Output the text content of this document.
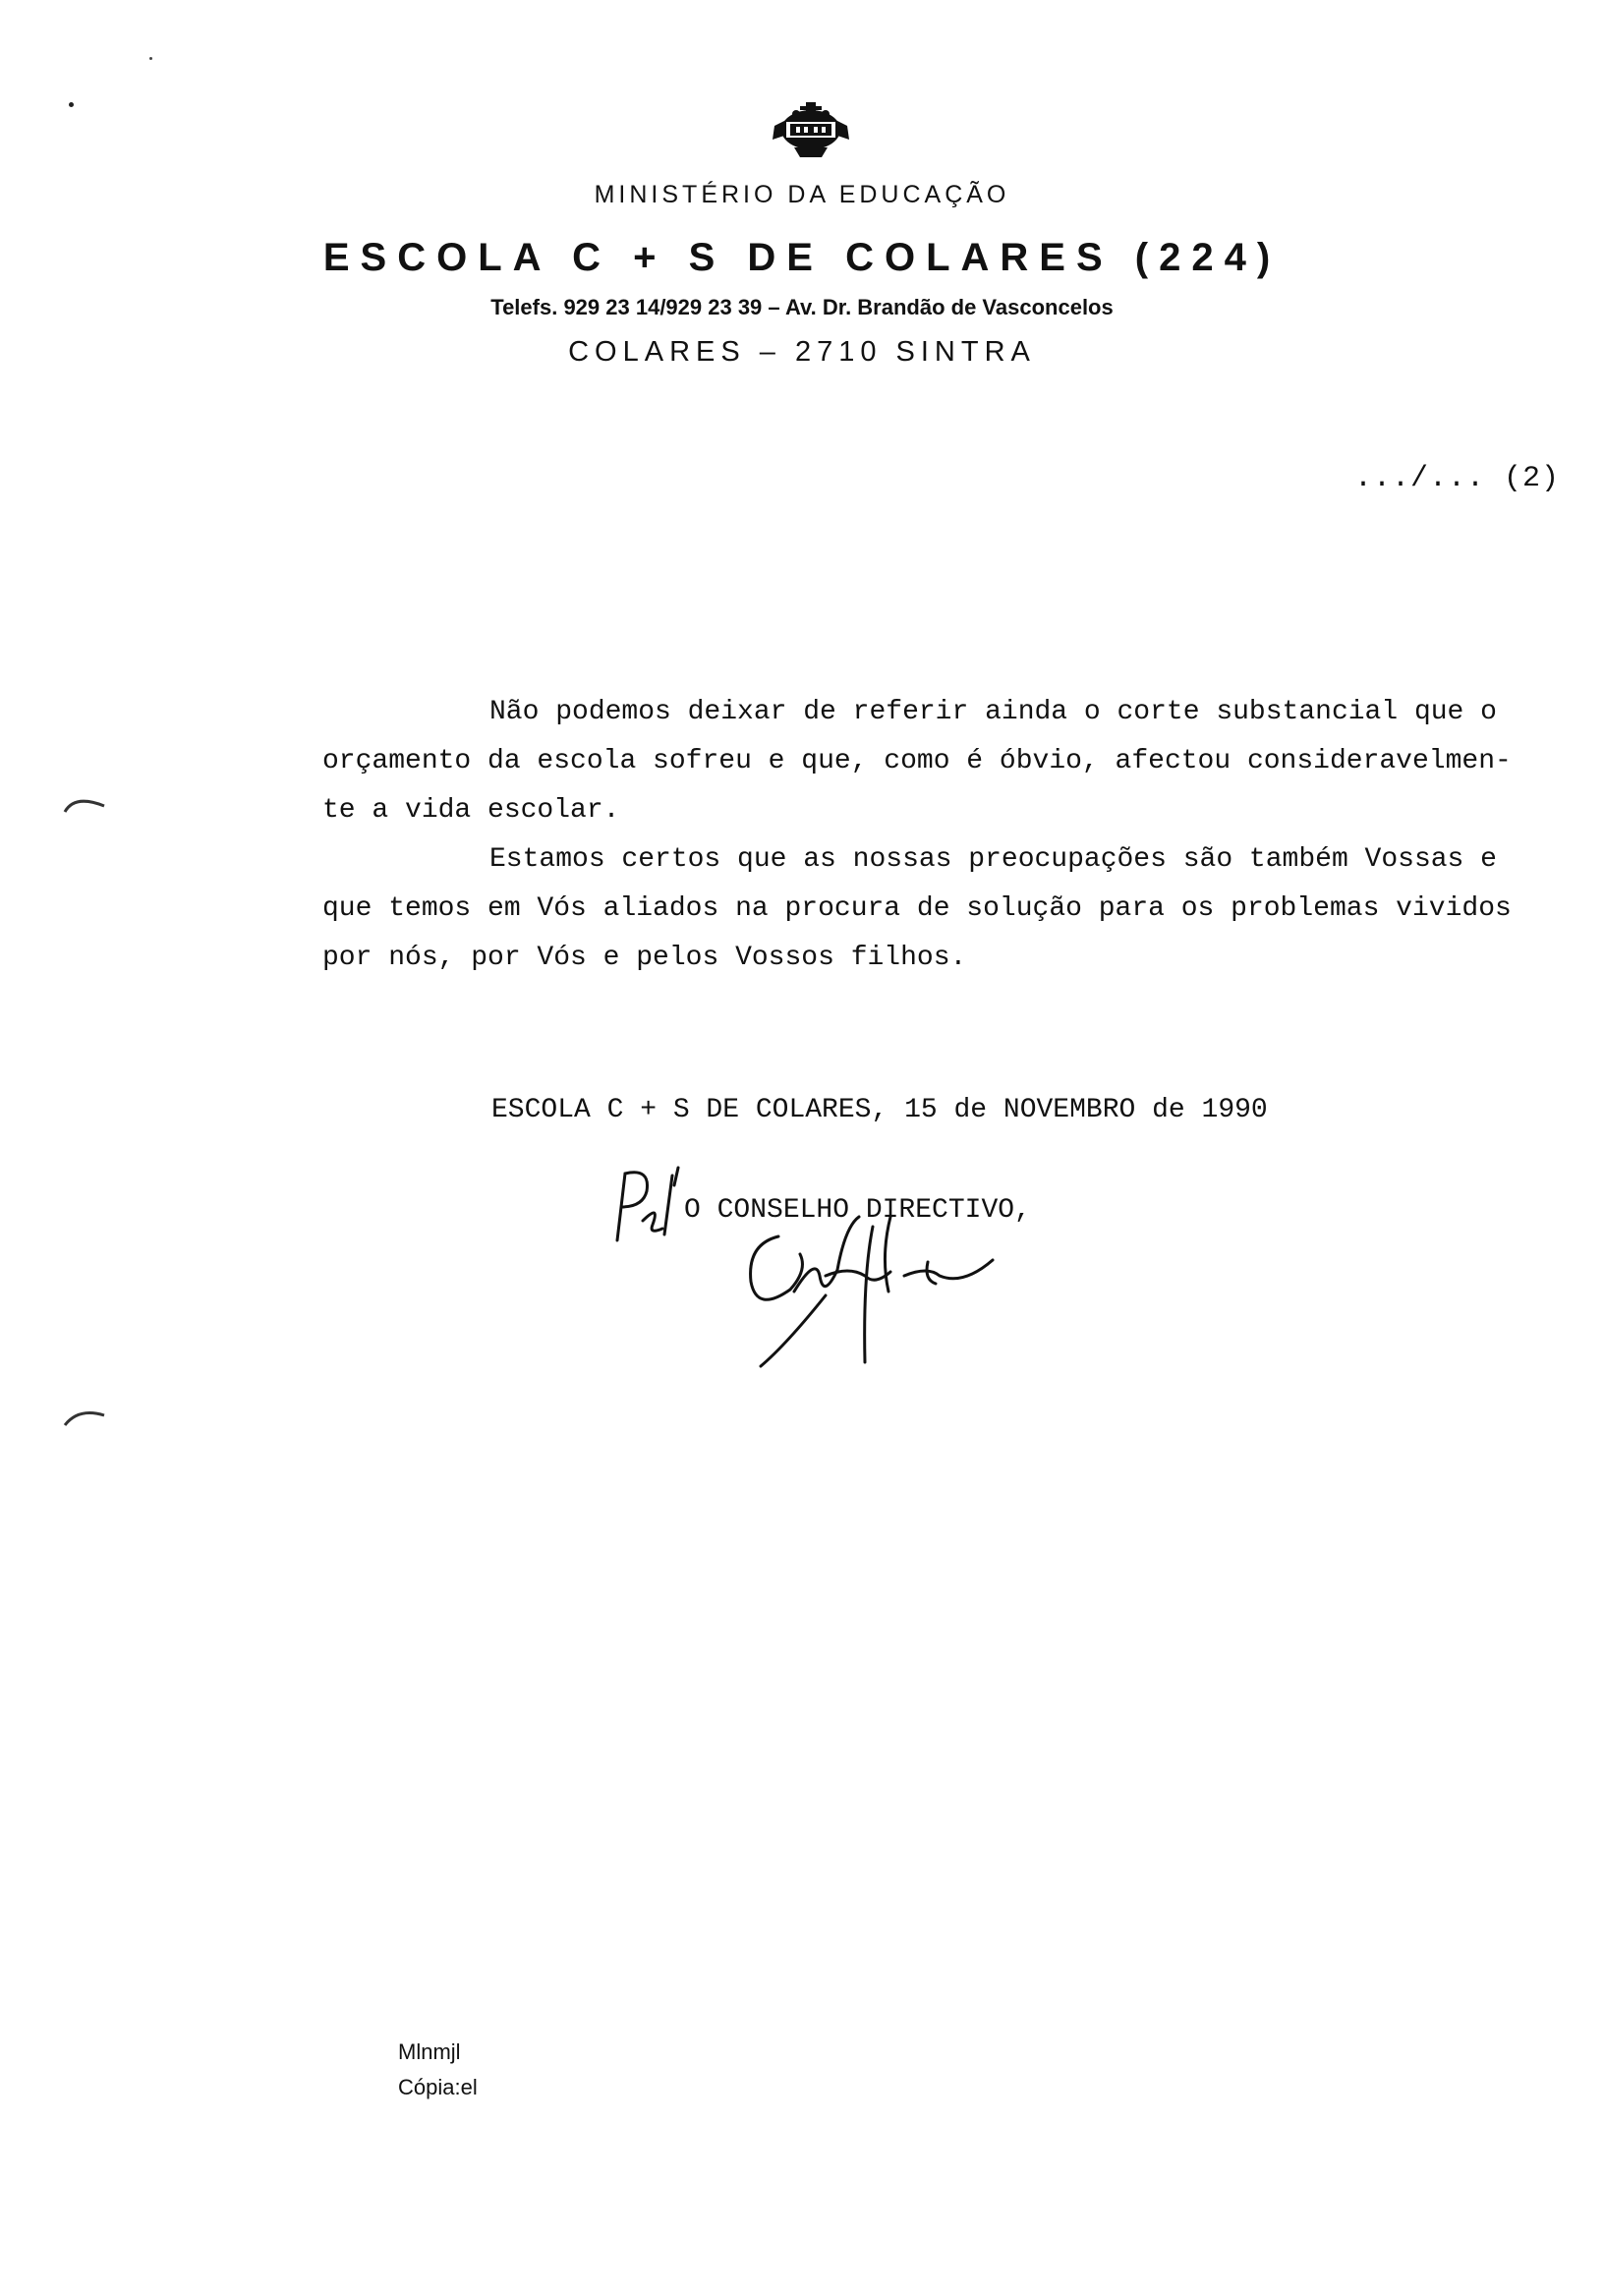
MINISTÉRIO DA EDUCAÇÃO
ESCOLA C + S DE COLARES (224)
Telefs. 929 23 14/929 23 39 – Av. Dr. Brandão de Vasconcelos
COLARES – 2710 SINTRA
.../... (2)
Não podemos deixar de referir ainda o corte substancial que o
orçamento da escola sofreu e que, como é óbvio, afectou consideravelmen-
te a vida escolar.
Estamos certos que as nossas preocupações são também Vossas e
que temos em Vós aliados na procura de solução para os problemas vividos
por nós, por Vós e pelos Vossos filhos.
ESCOLA C + S DE COLARES, 15 de NOVEMBRO de 1990
O CONSELHO DIRECTIVO,
Mlnmjl
Cópia:el
